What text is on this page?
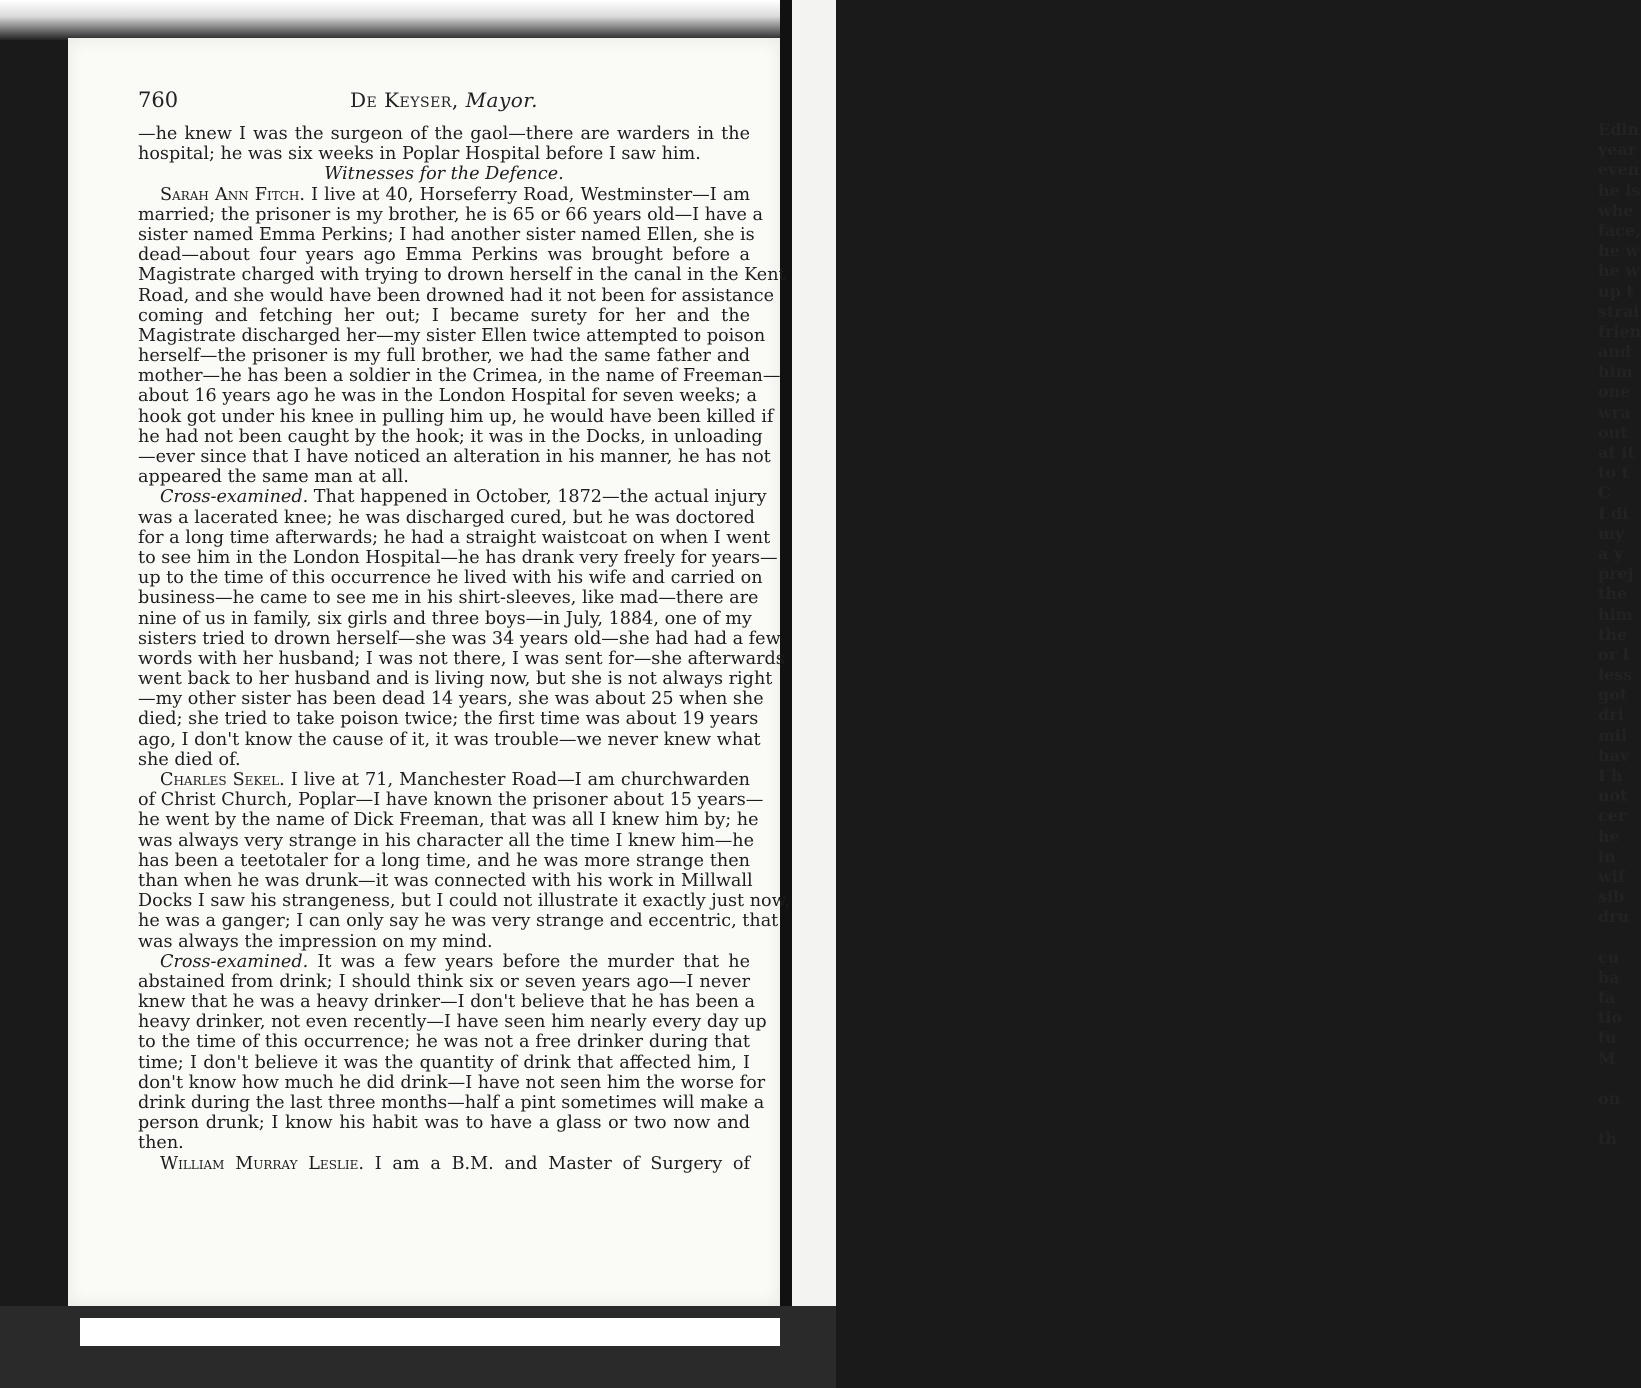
Edin
year
even
he is
whe
face,
he w
he w
up t
strai
frien
and
him
one
wra
out
at it
to t
C
I di
my
a y
prej
the
him
the
or l
less
got
dri
mil
hav
I h
not
cer
he
in
wif
sib
dru
cu
ba
fa
tio
fu
M
on
th
760	De Keyser, Mayor.
—he knew I was the surgeon of the gaol—there are warders in the
hospital; he was six weeks in Poplar Hospital before I saw him.
Witnesses for the Defence.
Sarah Ann Fitch. I live at 40, Horseferry Road, Westminster—I am
married; the prisoner is my brother, he is 65 or 66 years old—I have a
sister named Emma Perkins; I had another sister named Ellen, she is
dead—about four years ago Emma Perkins was brought before a
Magistrate charged with trying to drown herself in the canal in the Kent
Road, and she would have been drowned had it not been for assistance
coming and fetching her out; I became surety for her and the
Magistrate discharged her—my sister Ellen twice attempted to poison
herself—the prisoner is my full brother, we had the same father and
mother—he has been a soldier in the Crimea, in the name of Freeman—
about 16 years ago he was in the London Hospital for seven weeks; a
hook got under his knee in pulling him up, he would have been killed if
he had not been caught by the hook; it was in the Docks, in unloading
—ever since that I have noticed an alteration in his manner, he has not
appeared the same man at all.
Cross-examined. That happened in October, 1872—the actual injury
was a lacerated knee; he was discharged cured, but he was doctored
for a long time afterwards; he had a straight waistcoat on when I went
to see him in the London Hospital—he has drank very freely for years—
up to the time of this occurrence he lived with his wife and carried on
business—he came to see me in his shirt-sleeves, like mad—there are
nine of us in family, six girls and three boys—in July, 1884, one of my
sisters tried to drown herself—she was 34 years old—she had had a few
words with her husband; I was not there, I was sent for—she afterwards
went back to her husband and is living now, but she is not always right
—my other sister has been dead 14 years, she was about 25 when she
died; she tried to take poison twice; the first time was about 19 years
ago, I don't know the cause of it, it was trouble—we never knew what
she died of.
Charles Sekel. I live at 71, Manchester Road—I am churchwarden
of Christ Church, Poplar—I have known the prisoner about 15 years—
he went by the name of Dick Freeman, that was all I knew him by; he
was always very strange in his character all the time I knew him—he
has been a teetotaler for a long time, and he was more strange then
than when he was drunk—it was connected with his work in Millwall
Docks I saw his strangeness, but I could not illustrate it exactly just now,
he was a ganger; I can only say he was very strange and eccentric, that
was always the impression on my mind.
Cross-examined. It was a few years before the murder that he
abstained from drink; I should think six or seven years ago—I never
knew that he was a heavy drinker—I don't believe that he has been a
heavy drinker, not even recently—I have seen him nearly every day up
to the time of this occurrence; he was not a free drinker during that
time; I don't believe it was the quantity of drink that affected him, I
don't know how much he did drink—I have not seen him the worse for
drink during the last three months—half a pint sometimes will make a
person drunk; I know his habit was to have a glass or two now and
then.
William Murray Leslie. I am a B.M. and Master of Surgery of
